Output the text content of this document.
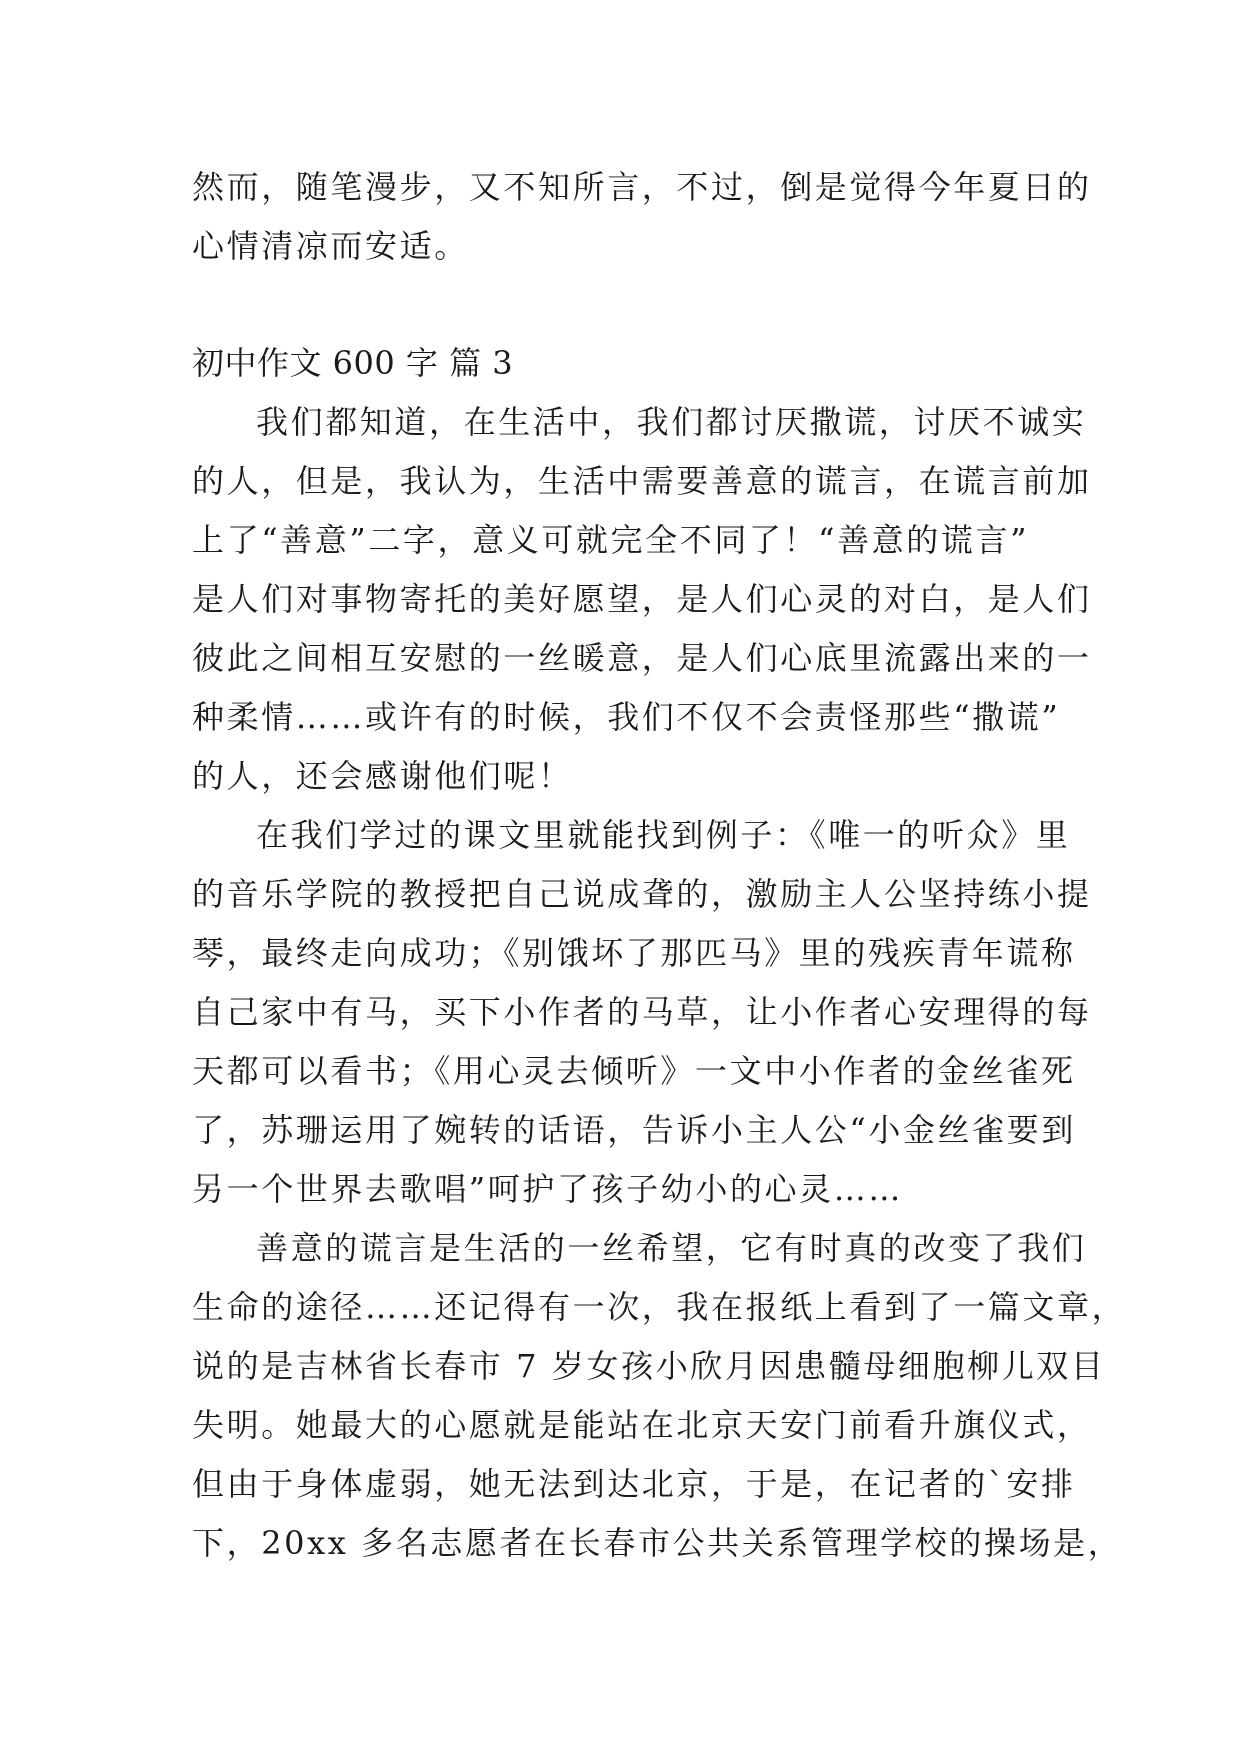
然而，随笔漫步，又不知所言，不过，倒是觉得今年夏日的
心情清凉而安适。
初中作文 600 字 篇 3
我们都知道，在生活中，我们都讨厌撒谎，讨厌不诚实
的人，但是，我认为，生活中需要善意的谎言，在谎言前加
上了“善意”二字，意义可就完全不同了！“善意的谎言”
是人们对事物寄托的美好愿望，是人们心灵的对白，是人们
彼此之间相互安慰的一丝暖意，是人们心底里流露出来的一
种柔情……或许有的时候，我们不仅不会责怪那些“撒谎”
的人，还会感谢他们呢！
在我们学过的课文里就能找到例子：《唯一的听众》里
的音乐学院的教授把自己说成聋的，激励主人公坚持练小提
琴，最终走向成功；《别饿坏了那匹马》里的残疾青年谎称
自己家中有马，买下小作者的马草，让小作者心安理得的每
天都可以看书；《用心灵去倾听》一文中小作者的金丝雀死
了，苏珊运用了婉转的话语，告诉小主人公“小金丝雀要到
另一个世界去歌唱”呵护了孩子幼小的心灵……
善意的谎言是生活的一丝希望，它有时真的改变了我们
生命的途径……还记得有一次，我在报纸上看到了一篇文章，
说的是吉林省长春市 7 岁女孩小欣月因患髓母细胞柳儿双目
失明。她最大的心愿就是能站在北京天安门前看升旗仪式，
但由于身体虚弱，她无法到达北京，于是，在记者的`安排
下，20xx 多名志愿者在长春市公共关系管理学校的操场是，
